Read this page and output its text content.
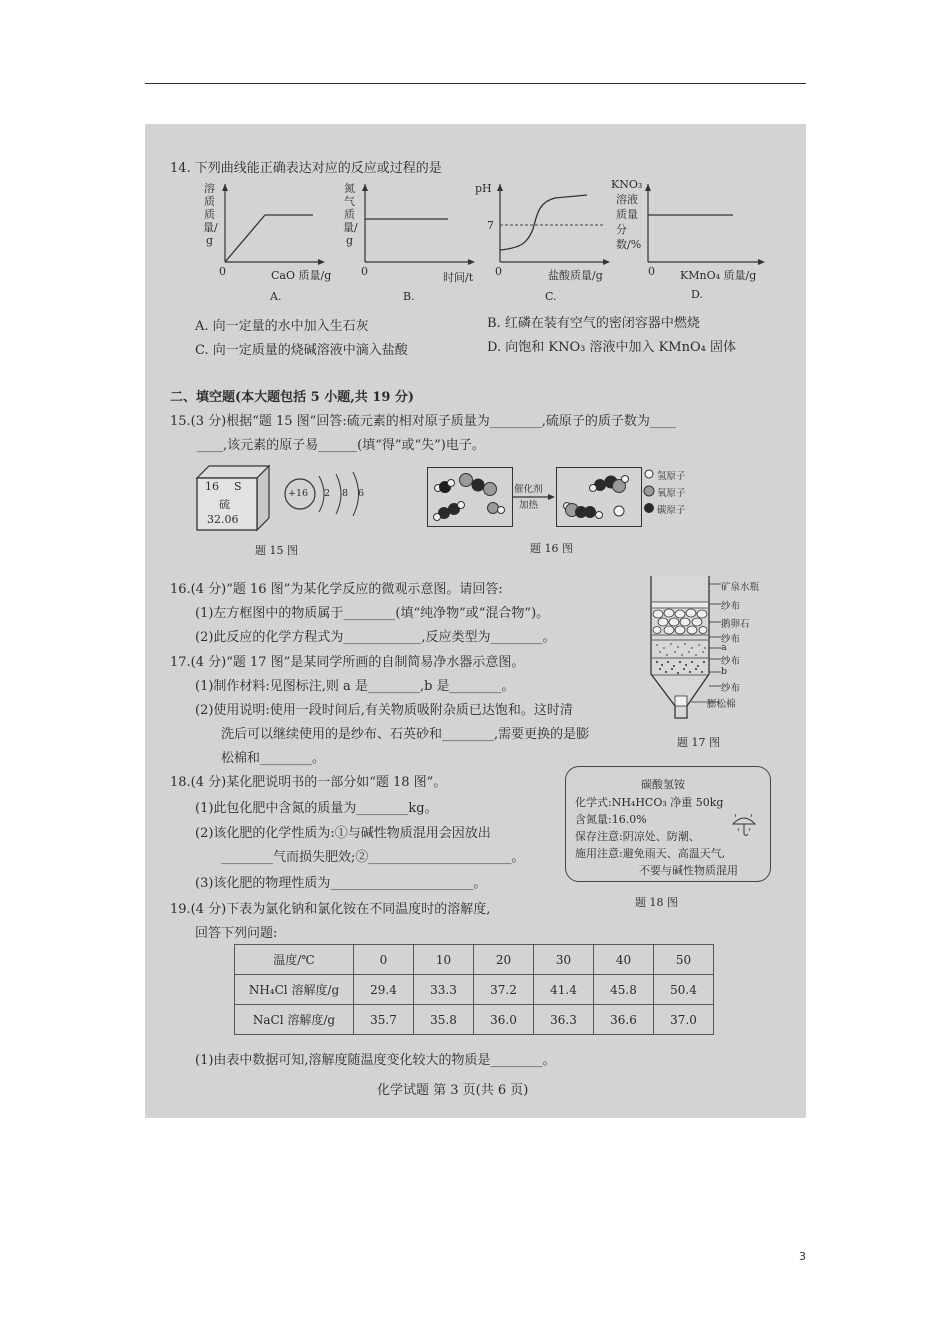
14. 下列曲线能正确表达对应的反应或过程的是
溶质质量/g
0	CaO 质量/g
A.
氮气质量/g
0	时间/t
B.
pH
7
0	盐酸质量/g
C.
KNO₃
溶液质量分数/%
0 KMnO₄ 质量/g
D.
A. 向一定量的水中加入生石灰	B. 红磷在装有空气的密闭容器中燃烧
C. 向一定质量的烧碱溶液中滴入盐酸	D. 向饱和 KNO₃ 溶液中加入 KMnO₄ 固体
二、填空题(本大题包括 5 小题,共 19 分)
15.(3 分)根据“题 15 图”回答:硫元素的相对原子质量为________,硫原子的质子数为____
____,该元素的原子易______(填“得”或“失”)电子。
16 S
硫
32.06
+16 2 8 6
题 15 图
催化剂
加热
氢原子
氧原子
碳原子
题 16 图
16.(4 分)“题 16 图”为某化学反应的微观示意图。请回答:
(1)左方框图中的物质属于________(填“纯净物”或“混合物”)。
(2)此反应的化学方程式为____________,反应类型为________。
17.(4 分)“题 17 图”是某同学所画的自制简易净水器示意图。
(1)制作材料:见图标注,则 a 是________,b 是________。
(2)使用说明:使用一段时间后,有关物质吸附杂质已达饱和。这时清
洗后可以继续使用的是纱布、石英砂和________,需要更换的是膨
松棉和________。
矿泉水瓶
纱布
鹅卵石
纱布
a
纱布
b
纱布
膨松棉
题 17 图
18.(4 分)某化肥说明书的一部分如“题 18 图”。
(1)此包化肥中含氮的质量为________kg。
(2)该化肥的化学性质为:①与碱性物质混用会因放出
________气而损失肥效;②______________________。
(3)该化肥的物理性质为______________________。
碳酸氢铵
化学式:NH₄HCO₃ 净重 50kg
含氮量:16.0%
保存注意:阴凉处、防潮、
施用注意:避免雨天、高温天气,
不要与碱性物质混用
题 18 图
19.(4 分)下表为氯化钠和氯化铵在不同温度时的溶解度,
回答下列问题:
温度/℃	0	10	20	30	40	50
NH₄Cl 溶解度/g	29.4	33.3	37.2	41.4	45.8	50.4
NaCl 溶解度/g	35.7	35.8	36.0	36.3	36.6	37.0
(1)由表中数据可知,溶解度随温度变化较大的物质是________。
化学试题 第 3 页(共 6 页)
3
